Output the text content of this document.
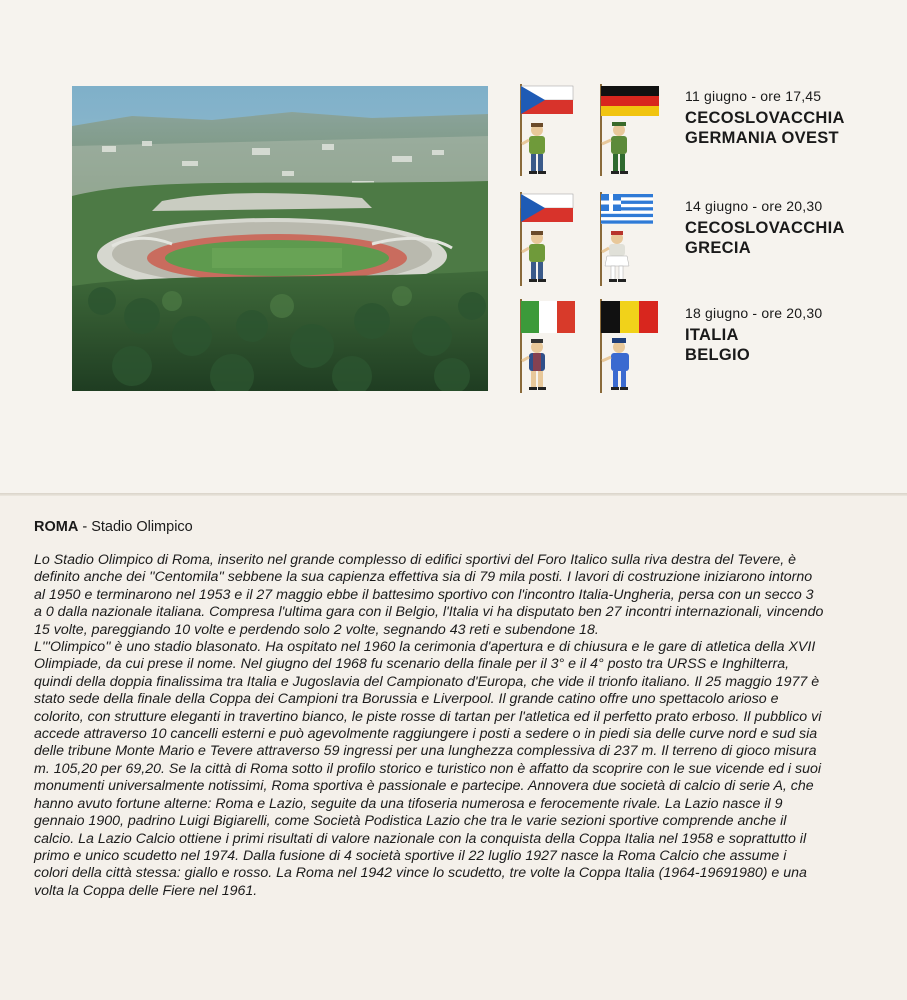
11 giugno - ore 17,45
CECOSLOVACCHIA
GERMANIA OVEST
14 giugno - ore 20,30
CECOSLOVACCHIA
GRECIA
18 giugno - ore 20,30
ITALIA
BELGIO
ROMA - Stadio Olimpico

Lo Stadio Olimpico di Roma, inserito nel grande complesso di edifici sportivi del Foro Italico sulla riva destra del Tevere, è definito anche dei ''Centomila'' sebbene la sua capienza effettiva sia di 79 mila posti. I lavori di costruzione iniziarono intorno al 1950 e terminarono nel 1953 e il 27 maggio ebbe il battesimo sportivo con l'incontro Italia-Ungheria, persa con un secco 3 a 0 dalla nazionale italiana. Compresa l'ultima gara con il Belgio, l'Italia vi ha disputato ben 27 incontri internazionali, vincendo 15 volte, pareggiando 10 volte e perdendo solo 2 volte, segnando 43 reti e subendone 18.

L'''Olimpico'' è uno stadio blasonato. Ha ospitato nel 1960 la cerimonia d'apertura e di chiusura e le gare di atletica della XVII Olimpiade, da cui prese il nome. Nel giugno del 1968 fu scenario della finale per il 3° e il 4° posto tra URSS e Inghilterra, quindi della doppia finalissima tra Italia e Jugoslavia del Campionato d'Europa, che vide il trionfo italiano. Il 25 maggio 1977 è stato sede della finale della Coppa dei Campioni tra Borussia e Liverpool. Il grande catino offre uno spettacolo arioso e colorito, con strutture eleganti in travertino bianco, le piste rosse di tartan per l'atletica ed il perfetto prato erboso. Il pubblico vi accede attraverso 10 cancelli esterni e può agevolmente raggiungere i posti a sedere o in piedi sia delle curve nord e sud sia delle tribune Monte Mario e Tevere attraverso 59 ingressi per una lunghezza complessiva di 237 m. Il terreno di gioco misura m. 105,20 per 69,20. Se la città di Roma sotto il profilo storico e turistico non è affatto da scoprire con le sue vicende ed i suoi monumenti universalmente notissimi, Roma sportiva è passionale e partecipe. Annovera due società di calcio di serie A, che hanno avuto fortune alterne: Roma e Lazio, seguite da una tifoseria numerosa e ferocemente rivale. La Lazio nasce il 9 gennaio 1900, padrino Luigi Bigiarelli, come Società Podistica Lazio che tra le varie sezioni sportive comprende anche il calcio. La Lazio Calcio ottiene i primi risultati di valore nazionale con la conquista della Coppa Italia nel 1958 e soprattutto il primo e unico scudetto nel 1974. Dalla fusione di 4 società sportive il 22 luglio 1927 nasce la Roma Calcio che assume i colori della città stessa: giallo e rosso. La Roma nel 1942 vince lo scudetto, tre volte la Coppa Italia (1964-19691980) e una volta la Coppa delle Fiere nel 1961.
